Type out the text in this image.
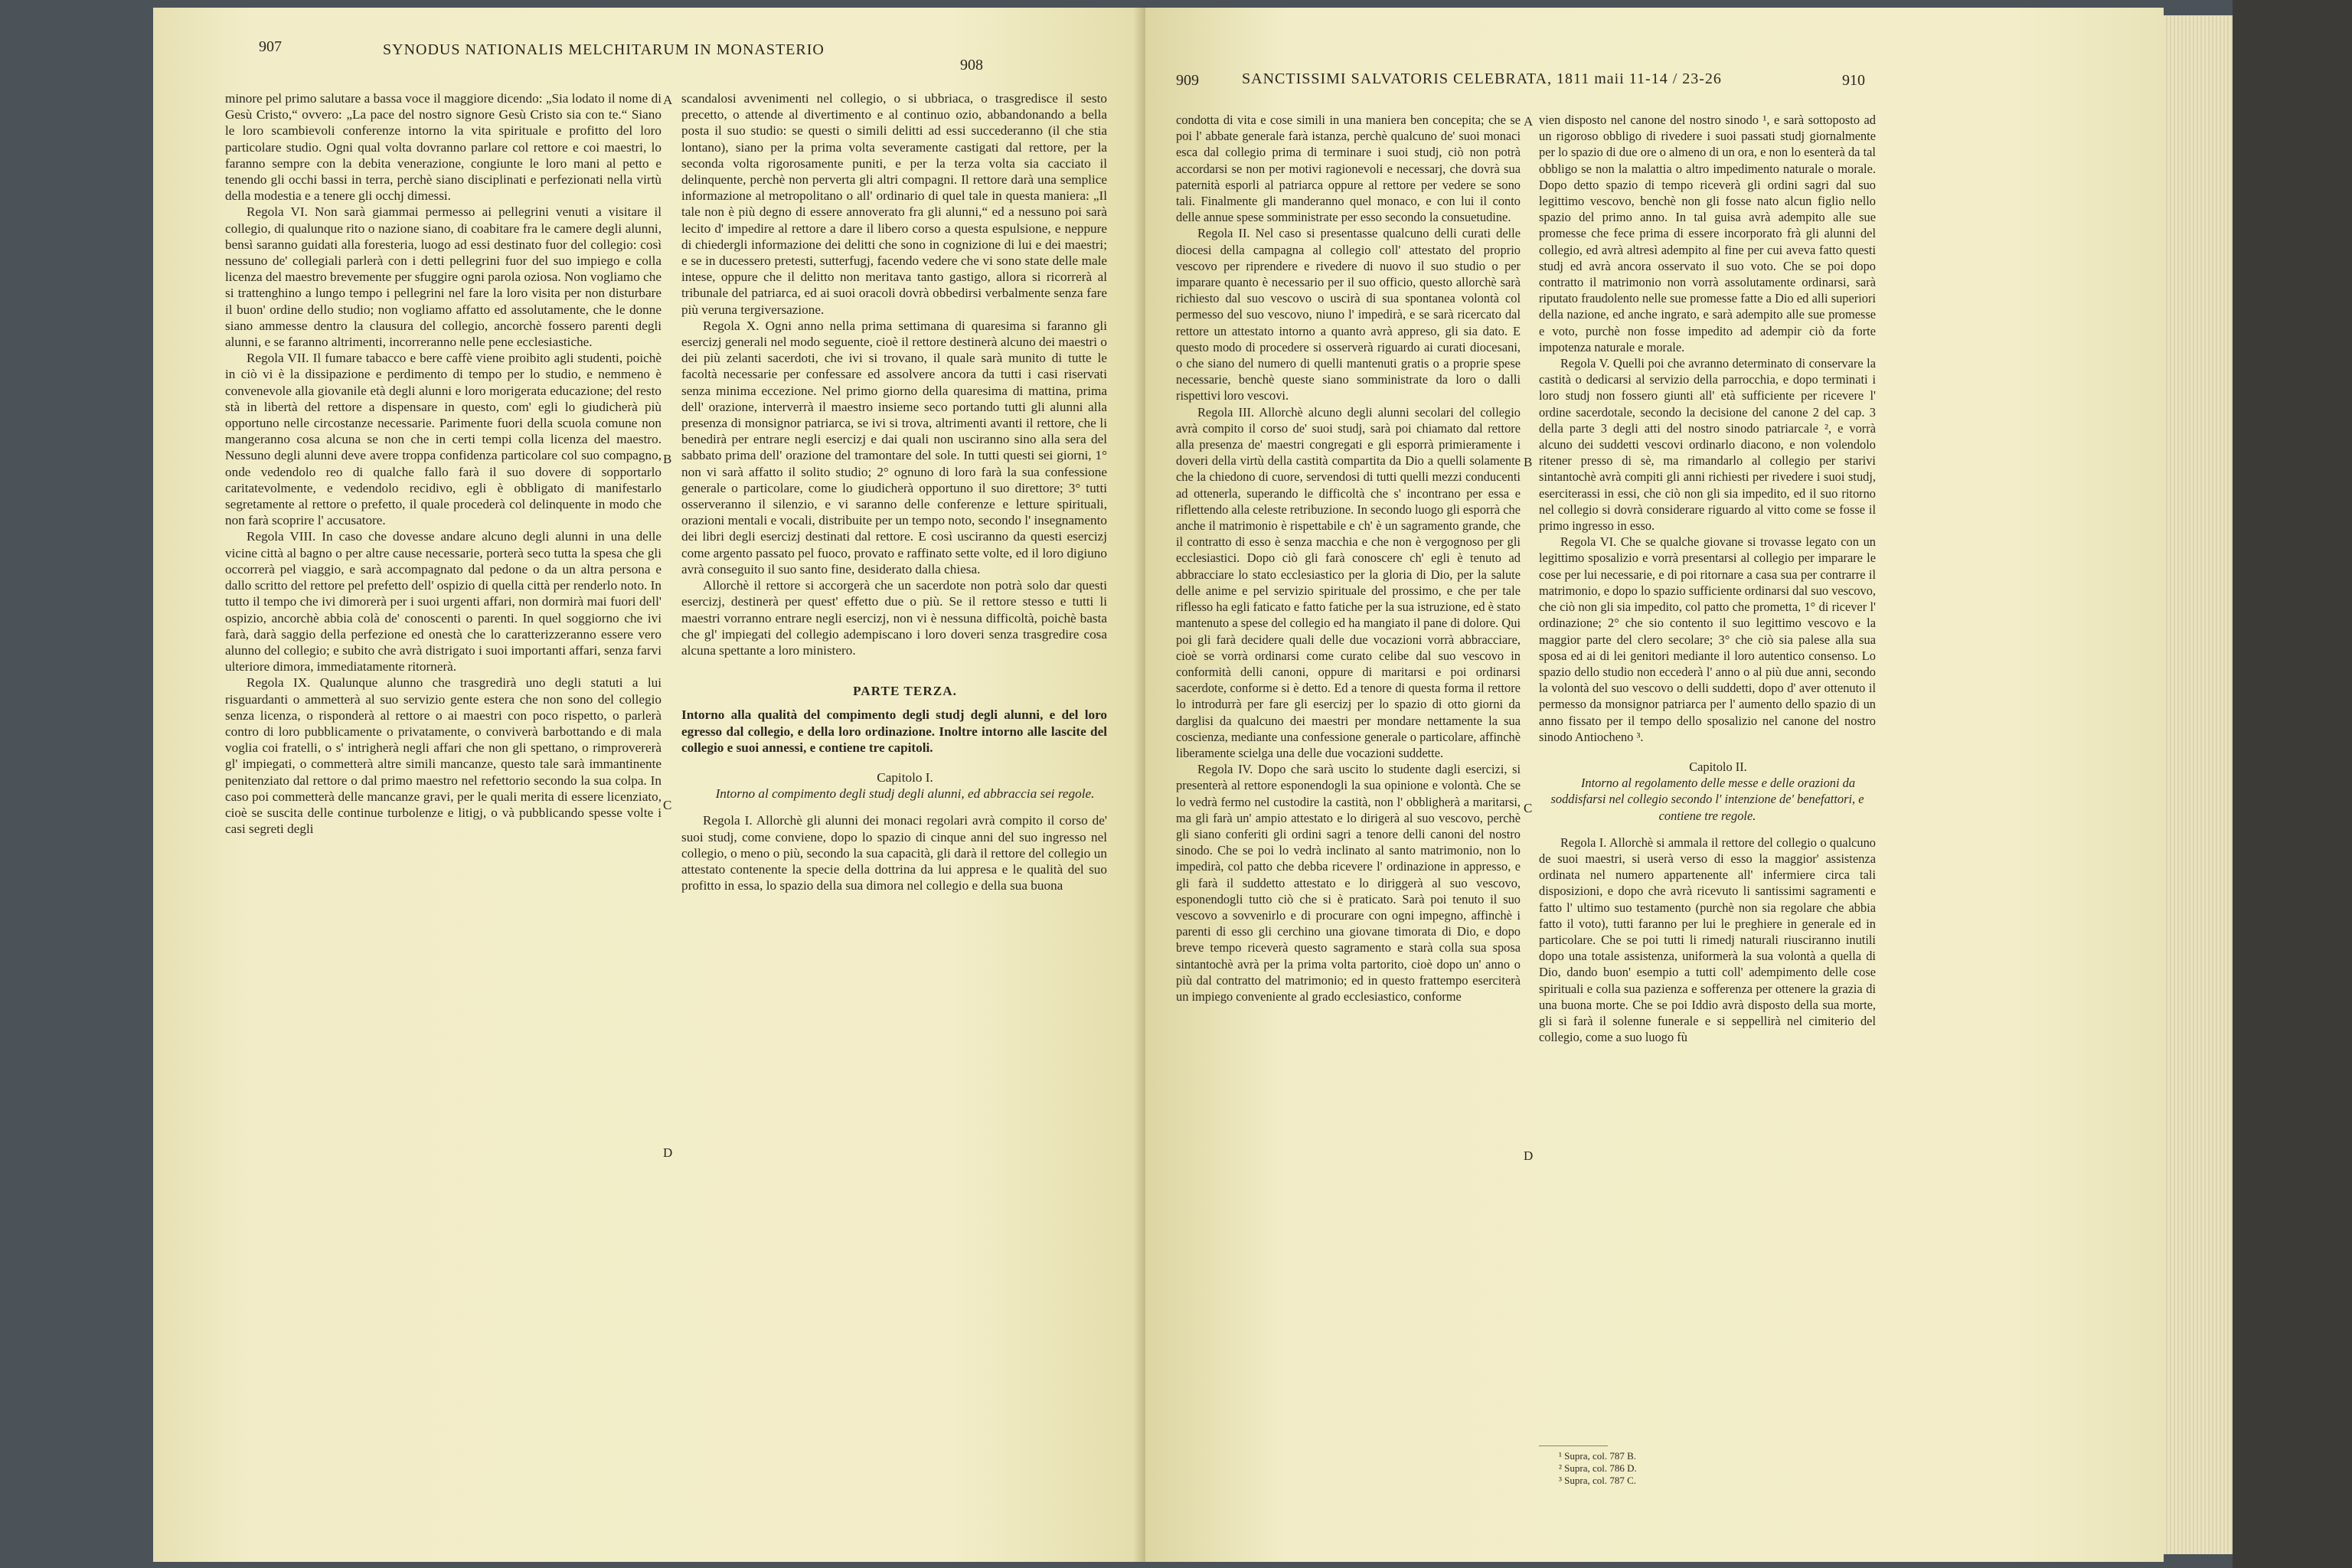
907	SYNODUS NATIONALIS MELCHITARUM IN MONASTERIO
908

minore pel primo salutare a bassa voce il maggiore dicendo: „Sia lodato il nome di Gesù Cristo,“ ovvero: „La pace del nostro signore Gesù Cristo sia con te.“ Siano le loro scambievoli conferenze intorno la vita spirituale e profitto del loro particolare studio. Ogni qual volta dovranno parlare col rettore e coi maestri, lo faranno sempre con la debita venerazione, congiunte le loro mani al petto e tenendo gli occhi bassi in terra, perchè siano disciplinati e perfezionati nella virtù della modestia e a tenere gli occhj dimessi.

Regola VI. Non sarà giammai permesso ai pellegrini venuti a visitare il collegio, di qualunque rito o nazione siano, di coabitare fra le camere degli alunni, bensì saranno guidati alla foresteria, luogo ad essi destinato fuor del collegio: così nessuno de' collegiali parlerà con i detti pellegrini fuor del suo impiego e colla licenza del maestro brevemente per sfuggire ogni parola oziosa. Non vogliamo che si trattenghino a lungo tempo i pellegrini nel fare la loro visita per non disturbare il buon' ordine dello studio; non vogliamo affatto ed assolutamente, che le donne siano ammesse dentro la clausura del collegio, ancorchè fossero parenti degli alunni, e se faranno altrimenti, incorreranno nelle pene ecclesiastiche.

Regola VII. Il fumare tabacco e bere caffè viene proibito agli studenti, poichè in ciò vi è la dissipazione e perdimento di tempo per lo studio, e nemmeno è convenevole alla giovanile età degli alunni e loro morigerata educazione; del resto stà in libertà del rettore a dispensare in questo, com' egli lo giudicherà più opportuno nelle circostanze necessarie. Parimente fuori della scuola comune non mangeranno cosa alcuna se non che in certi tempi colla licenza del maestro. Nessuno degli alunni deve avere troppa confidenza particolare col suo compagno, onde vedendolo reo di qualche fallo farà il suo dovere di sopportarlo caritatevolmente, e vedendolo recidivo, egli è obbligato di manifestarlo segretamente al rettore o prefetto, il quale procederà col delinquente in modo che non farà scoprire l' accusatore.

Regola VIII. In caso che dovesse andare alcuno degli alunni in una delle vicine città al bagno o per altre cause necessarie, porterà seco tutta la spesa che gli occorrerà pel viaggio, e sarà accompagnato dal pedone o da un altra persona e dallo scritto del rettore pel prefetto dell' ospizio di quella città per renderlo noto. In tutto il tempo che ivi dimorerà per i suoi urgenti affari, non dormirà mai fuori dell' ospizio, ancorchè abbia colà de' conoscenti o parenti. In quel soggiorno che ivi farà, darà saggio della perfezione ed onestà che lo caratterizzeranno essere vero alunno del collegio; e subito che avrà distrigato i suoi importanti affari, senza farvi ulteriore dimora, immediatamente ritornerà.

Regola IX. Qualunque alunno che trasgredirà uno degli statuti a lui risguardanti o ammetterà al suo servizio gente estera che non sono del collegio senza licenza, o risponderà al rettore o ai maestri con poco rispetto, o parlerà contro di loro pubblicamente o privatamente, o conviverà barbottando e di mala voglia coi fratelli, o s' intrigherà negli affari che non gli spettano, o rimprovererà gl' impiegati, o commetterà altre simili mancanze, questo tale sarà immantinente penitenziato dal rettore o dal primo maestro nel refettorio secondo la sua colpa. In caso poi commetterà delle mancanze gravi, per le quali merita di essere licenziato, cioè se suscita delle continue turbolenze e litigj, o và pubblicando spesse volte i casi segreti degli

A
B
C
D

scandalosi avvenimenti nel collegio, o si ubbriaca, o trasgredisce il sesto precetto, o attende al divertimento e al continuo ozio, abbandonando a bella posta il suo studio: se questi o simili delitti ad essi succederanno (il che stia lontano), siano per la prima volta severamente castigati dal rettore, per la seconda volta rigorosamente puniti, e per la terza volta sia cacciato il delinquente, perchè non perverta gli altri compagni. Il rettore darà una semplice informazione al metropolitano o all' ordinario di quel tale in questa maniera: „Il tale non è più degno di essere annoverato fra gli alunni,“ ed a nessuno poi sarà lecito d' impedire al rettore a dare il libero corso a questa espulsione, e neppure di chiedergli informazione dei delitti che sono in cognizione di lui e dei maestri; e se in ducessero pretesti, sutterfugj, facendo vedere che vi sono state delle male intese, oppure che il delitto non meritava tanto gastigo, allora si ricorrerà al tribunale del patriarca, ed ai suoi oracoli dovrà obbedirsi verbalmente senza fare più veruna tergiversazione.

Regola X. Ogni anno nella prima settimana di quaresima si faranno gli esercizj generali nel modo seguente, cioè il rettore destinerà alcuno dei maestri o dei più zelanti sacerdoti, che ivi si trovano, il quale sarà munito di tutte le facoltà necessarie per confessare ed assolvere ancora da tutti i casi riservati senza minima eccezione. Nel primo giorno della quaresima di mattina, prima dell' orazione, interverrà il maestro insieme seco portando tutti gli alunni alla presenza di monsignor patriarca, se ivi si trova, altrimenti avanti il rettore, che li benedirà per entrare negli esercizj e dai quali non usciranno sino alla sera del sabbato prima dell' orazione del tramontare del sole. In tutti questi sei giorni, 1° non vi sarà affatto il solito studio; 2° ognuno di loro farà la sua confessione generale o particolare, come lo giudicherà opportuno il suo direttore; 3° tutti osserveranno il silenzio, e vi saranno delle conferenze e letture spirituali, orazioni mentali e vocali, distribuite per un tempo noto, secondo l' insegnamento dei libri degli esercizj destinati dal rettore. E così usciranno da questi esercizj come argento passato pel fuoco, provato e raffinato sette volte, ed il loro digiuno avrà conseguito il suo santo fine, desiderato dalla chiesa.

Allorchè il rettore si accorgerà che un sacerdote non potrà solo dar questi esercizj, destinerà per quest' effetto due o più. Se il rettore stesso e tutti li maestri vorranno entrare negli esercizj, non vi è nessuna difficoltà, poichè basta che gl' impiegati del collegio adempiscano i loro doveri senza trasgredire cosa alcuna spettante a loro ministero.

PARTE TERZA.

Intorno alla qualità del compimento degli studj degli alunni, e del loro egresso dal collegio, e della loro ordinazione. Inoltre intorno alle lascite del collegio e suoi annessi, e contiene tre capitoli.

Capitolo I.

Intorno al compimento degli studj degli alunni, ed abbraccia sei regole.

Regola I. Allorchè gli alunni dei monaci regolari avrà compito il corso de' suoi studj, come conviene, dopo lo spazio di cinque anni del suo ingresso nel collegio, o meno o più, secondo la sua capacità, gli darà il rettore del collegio un attestato contenente la specie della dottrina da lui appresa e le qualità del suo profitto in essa, lo spazio della sua dimora nel collegio e della sua buona

909	SANCTISSIMI SALVATORIS CELEBRATA, 1811 maii 11-14 / 23-26	910

condotta di vita e cose simili in una maniera ben concepita; che se poi l' abbate generale farà istanza, perchè qualcuno de' suoi monaci esca dal collegio prima di terminare i suoi studj, ciò non potrà accordarsi se non per motivi ragionevoli e necessarj, che dovrà sua paternità esporli al patriarca oppure al rettore per vedere se sono tali. Finalmente gli manderanno quel monaco, e con lui il conto delle annue spese somministrate per esso secondo la consuetudine.

Regola II. Nel caso si presentasse qualcuno delli curati delle diocesi della campagna al collegio coll' attestato del proprio vescovo per riprendere e rivedere di nuovo il suo studio o per imparare quanto è necessario per il suo officio, questo allorchè sarà richiesto dal suo vescovo o uscirà di sua spontanea volontà col permesso del suo vescovo, niuno l' impedirà, e se sarà ricercato dal rettore un attestato intorno a quanto avrà appreso, gli sia dato. E questo modo di procedere si osserverà riguardo ai curati diocesani, o che siano del numero di quelli mantenuti gratis o a proprie spese necessarie, benchè queste siano somministrate da loro o dalli rispettivi loro vescovi.

Regola III. Allorchè alcuno degli alunni secolari del collegio avrà compito il corso de' suoi studj, sarà poi chiamato dal rettore alla presenza de' maestri congregati e gli esporrà primieramente i doveri della virtù della castità compartita da Dio a quelli solamente che la chiedono di cuore, servendosi di tutti quelli mezzi conducenti ad ottenerla, superando le difficoltà che s' incontrano per essa e riflettendo alla celeste retribuzione. In secondo luogo gli esporrà che anche il matrimonio è rispettabile e ch' è un sagramento grande, che il contratto di esso è senza macchia e che non è vergognoso per gli ecclesiastici. Dopo ciò gli farà conoscere ch' egli è tenuto ad abbracciare lo stato ecclesiastico per la gloria di Dio, per la salute delle anime e pel servizio spirituale del prossimo, e che per tale riflesso ha egli faticato e fatto fatiche per la sua istruzione, ed è stato mantenuto a spese del collegio ed ha mangiato il pane di dolore. Qui poi gli farà decidere quali delle due vocazioni vorrà abbracciare, cioè se vorrà ordinarsi come curato celibe dal suo vescovo in conformità delli canoni, oppure di maritarsi e poi ordinarsi sacerdote, conforme si è detto. Ed a tenore di questa forma il rettore lo introdurrà per fare gli esercizj per lo spazio di otto giorni da darglisi da qualcuno dei maestri per mondare nettamente la sua coscienza, mediante una confessione generale o particolare, affinchè liberamente scielga una delle due vocazioni suddette.

Regola IV. Dopo che sarà uscito lo studente dagli esercizi, si presenterà al rettore esponendogli la sua opinione e volontà. Che se lo vedrà fermo nel custodire la castità, non l' obbligherà a maritarsi, ma gli farà un' ampio attestato e lo dirigerà al suo vescovo, perchè gli siano conferiti gli ordini sagri a tenore delli canoni del nostro sinodo. Che se poi lo vedrà inclinato al santo matrimonio, non lo impedirà, col patto che debba ricevere l' ordinazione in appresso, e gli farà il suddetto attestato e lo diriggerà al suo vescovo, esponendogli tutto ciò che si è praticato. Sarà poi tenuto il suo vescovo a sovvenirlo e di procurare con ogni impegno, affinchè i parenti di esso gli cerchino una giovane timorata di Dio, e dopo breve tempo riceverà questo sagramento e starà colla sua sposa sintantochè avrà per la prima volta partorito, cioè dopo un' anno o più dal contratto del matrimonio; ed in questo frattempo eserciterà un impiego conveniente al grado ecclesiastico, conforme

A
B
C
D

vien disposto nel canone del nostro sinodo ¹, e sarà sottoposto ad un rigoroso obbligo di rivedere i suoi passati studj giornalmente per lo spazio di due ore o almeno di un ora, e non lo esenterà da tal obbligo se non la malattia o altro impedimento naturale o morale. Dopo detto spazio di tempo riceverà gli ordini sagri dal suo legittimo vescovo, benchè non gli fosse nato alcun figlio nello spazio del primo anno. In tal guisa avrà adempito alle sue promesse che fece prima di essere incorporato frà gli alunni del collegio, ed avrà altresì adempito al fine per cui aveva fatto questi studj ed avrà ancora osservato il suo voto. Che se poi dopo contratto il matrimonio non vorrà assolutamente ordinarsi, sarà riputato fraudolento nelle sue promesse fatte a Dio ed alli superiori della nazione, ed anche ingrato, e sarà adempito alle sue promesse e voto, purchè non fosse impedito ad adempir ciò da forte impotenza naturale e morale.

Regola V. Quelli poi che avranno determinato di conservare la castità o dedicarsi al servizio della parrocchia, e dopo terminati i loro studj non fossero giunti all' età sufficiente per ricevere l' ordine sacerdotale, secondo la decisione del canone 2 del cap. 3 della parte 3 degli atti del nostro sinodo patriarcale ², e vorrà alcuno dei suddetti vescovi ordinarlo diacono, e non volendolo ritener presso di sè, ma rimandarlo al collegio per starivi sintantochè avrà compiti gli anni richiesti per rivedere i suoi studj, eserciterassi in essi, che ciò non gli sia impedito, ed il suo ritorno nel collegio si dovrà considerare riguardo al vitto come se fosse il primo ingresso in esso.

Regola VI. Che se qualche giovane si trovasse legato con un legittimo sposalizio e vorrà presentarsi al collegio per imparare le cose per lui necessarie, e di poi ritornare a casa sua per contrarre il matrimonio, e dopo lo spazio sufficiente ordinarsi dal suo vescovo, che ciò non gli sia impedito, col patto che prometta, 1° di ricever l' ordinazione; 2° che sio contento il suo legittimo vescovo e la maggior parte del clero secolare; 3° che ciò sia palese alla sua sposa ed ai di lei genitori mediante il loro autentico consenso. Lo spazio dello studio non eccederà l' anno o al più due anni, secondo la volontà del suo vescovo o delli suddetti, dopo d' aver ottenuto il permesso da monsignor patriarca per l' aumento dello spazio di un anno fissato per il tempo dello sposalizio nel canone del nostro sinodo Antiocheno ³.

Capitolo II.

Intorno al regolamento delle messe e delle orazioni da soddisfarsi nel collegio secondo l' intenzione de' benefattori, e contiene tre regole.

Regola I. Allorchè si ammala il rettore del collegio o qualcuno de suoi maestri, si userà verso di esso la maggior' assistenza ordinata nel numero appartenente all' infermiere circa tali disposizioni, e dopo che avrà ricevuto li santissimi sagramenti e fatto l' ultimo suo testamento (purchè non sia regolare che abbia fatto il voto), tutti faranno per lui le preghiere in generale ed in particolare. Che se poi tutti li rimedj naturali riusciranno inutili dopo una totale assistenza, uniformerà la sua volontà a quella di Dio, dando buon' esempio a tutti coll' adempimento delle cose spirituali e colla sua pazienza e sofferenza per ottenere la grazia di una buona morte. Che se poi Iddio avrà disposto della sua morte, gli si farà il solenne funerale e si seppellirà nel cimiterio del collegio, come a suo luogo fù

¹ Supra, col. 787 B.
² Supra, col. 786 D.
³ Supra, col. 787 C.
